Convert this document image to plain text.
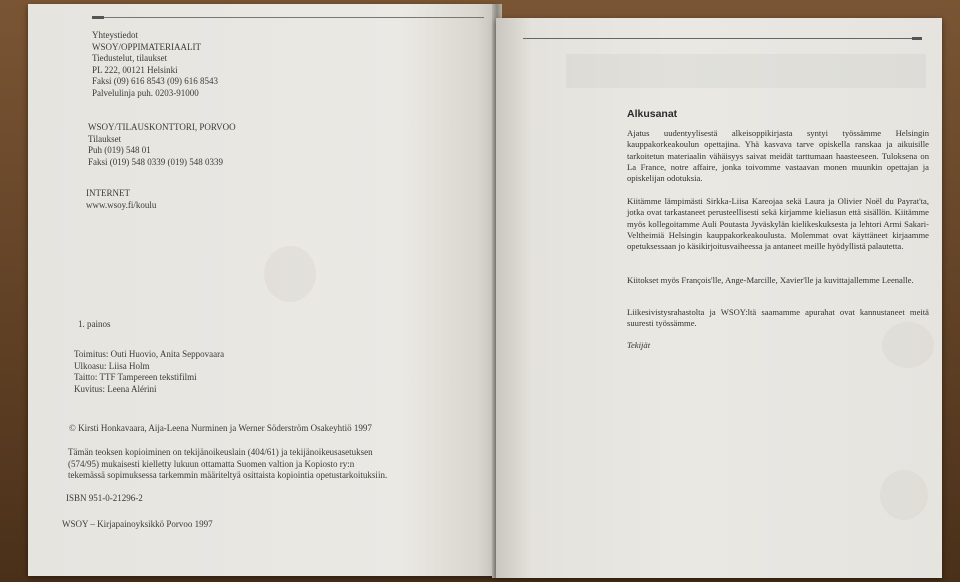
Yhteystiedot
WSOY/OPPIMATERIAALIT
Tiedustelut, tilaukset
PL 222, 00121 Helsinki
Faksi (09) 616 8543 (09) 616 8543
Palvelulinja puh. 0203-91000
WSOY/TILAUSKONTTORI, PORVOO
Tilaukset
Puh (019) 548 01
Faksi (019) 548 0339 (019) 548 0339
INTERNET
www.wsoy.fi/koulu
1. painos
Toimitus: Outi Huovio, Anita Seppovaara
Ulkoasu: Liisa Holm
Taitto: TTF Tampereen tekstifilmi
Kuvitus: Leena Alérini
© Kirsti Honkavaara, Aija-Leena Nurminen ja Werner Söderström Osakeyhtiö 1997
Tämän teoksen kopioiminen on tekijänoikeuslain (404/61) ja tekijänoikeusasetuksen
(574/95) mukaisesti kielletty lukuun ottamatta Suomen valtion ja Kopiosto ry:n
tekemässä sopimuksessa tarkemmin määriteltyä osittaista kopiointia opetustarkoituksiin.
ISBN 951-0-21296-2
WSOY – Kirjapainoyksikkö Porvoo 1997
Alkusanat
Ajatus uudentyylisestä alkeisoppikirjasta syntyi työssämme Helsingin kauppakorkeakoulun opettajina. Yhä kasvava tarve opiskella ranskaa ja aikuisille tarkoitetun materiaalin vähäisyys saivat meidät tarttumaan haasteeseen. Tuloksena on La France, notre affaire, jonka toivomme vastaavan monen muunkin opettajan ja opiskelijan odotuksia.
Kiitämme lämpimästi Sirkka-Liisa Kareojaa sekä Laura ja Olivier Noël du Payrat'ta, jotka ovat tarkastaneet perusteellisesti sekä kirjamme kieliasun että sisällön. Kiitämme myös kollegoitamme Auli Poutasta Jyväskylän kielikeskuksesta ja lehtori Armi Sakari-Veltheimiä Helsingin kauppakorkeakoulusta. Molemmat ovat käyttäneet kirjaamme opetuksessaan jo käsikirjoitusvaiheessa ja antaneet meille hyödyllistä palautetta.
Kiitokset myös François'lle, Ange-Marcille, Xavier'lle ja kuvittajallemme Leenalle.
Liikesivistysrahastolta ja WSOY:ltä saamamme apurahat ovat kannustaneet meitä suuresti työssämme.
Tekijät
